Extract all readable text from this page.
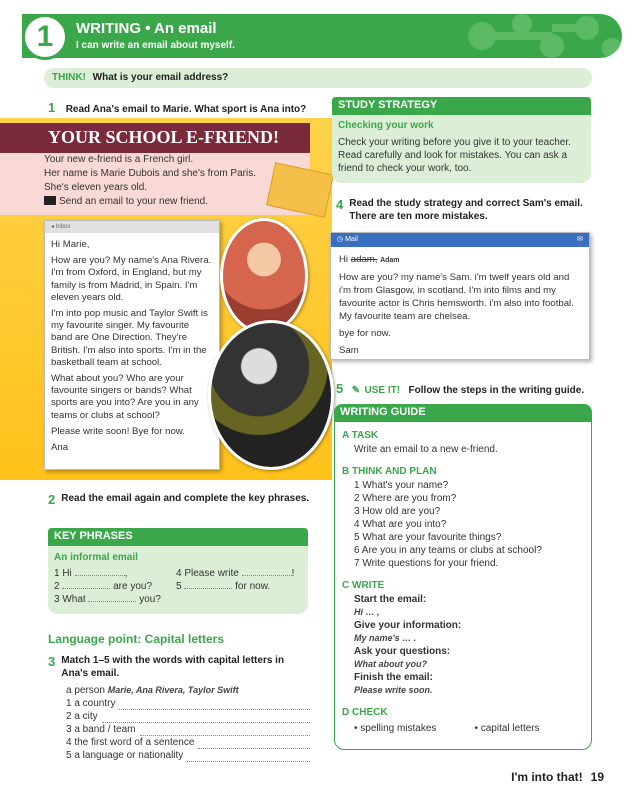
1	WRITING • An email
I can write an email about myself.
THINK! What is your email address?
1 Read Ana's email to Marie. What sport is Ana into?
YOUR SCHOOL E-FRIEND!
Your new e-friend is a French girl.
Her name is Marie Dubois and she's from Paris.
She's eleven years old.
Send an email to your new friend.
◂ Inbox

Hi Marie,

How are you? My name's Ana Rivera. I'm from Oxford, in England, but my family is from Madrid, in Spain. I'm eleven years old.

I'm into pop music and Taylor Swift is my favourite singer. My favourite band are One Direction. They're British. I'm also into sports. I'm in the basketball team at school.

What about you? Who are your favourite singers or bands? What sports are you into? Are you in any teams or clubs at school?

Please write soon! Bye for now.

Ana

STUDY STRATEGY
Checking your work
Check your writing before you give it to your teacher. Read carefully and look for mistakes. You can ask a friend to check your work, too.
4 Read the study strategy and correct Sam's email. There are ten more mistakes.
◷ Mail	✉

Hi adam, Adam

How are you? my name's Sam. i'm twelf years old and i'm from Glasgow, in scotland. I'm into films and my favourite actor is Chris hemsworth. i'm also into footbal. My favourite team are chelsea.

bye for now.

Sam

5 ✎ USE IT! Follow the steps in the writing guide.
WRITING GUIDE
A TASK
Write an email to a new e-friend.
B THINK AND PLAN
1 What's your name?
2 Where are you from?
3 How old are you?
4 What are you into?
5 What are your favourite things?
6 Are you in any teams or clubs at school?
7 Write questions for your friend.
C WRITE
Start the email:
Hi … ,
Give your information:
My name's … .
Ask your questions:
What about you?
Finish the email:
Please write soon.
D CHECK
• spelling mistakes	• capital letters
2 Read the email again and complete the key phrases.
KEY PHRASES
An informal email
1 Hi	,	4 Please write	!
2	are you?	5	for now.
3 What	you?
Language point: Capital letters
3 Match 1–5 with the words with capital letters in Ana's email.
a person Marie, Ana Rivera, Taylor Swift
1 a country
2 a city
3 a band / team
4 the first word of a sentence
5 a language or nationality
I'm into that! 19
